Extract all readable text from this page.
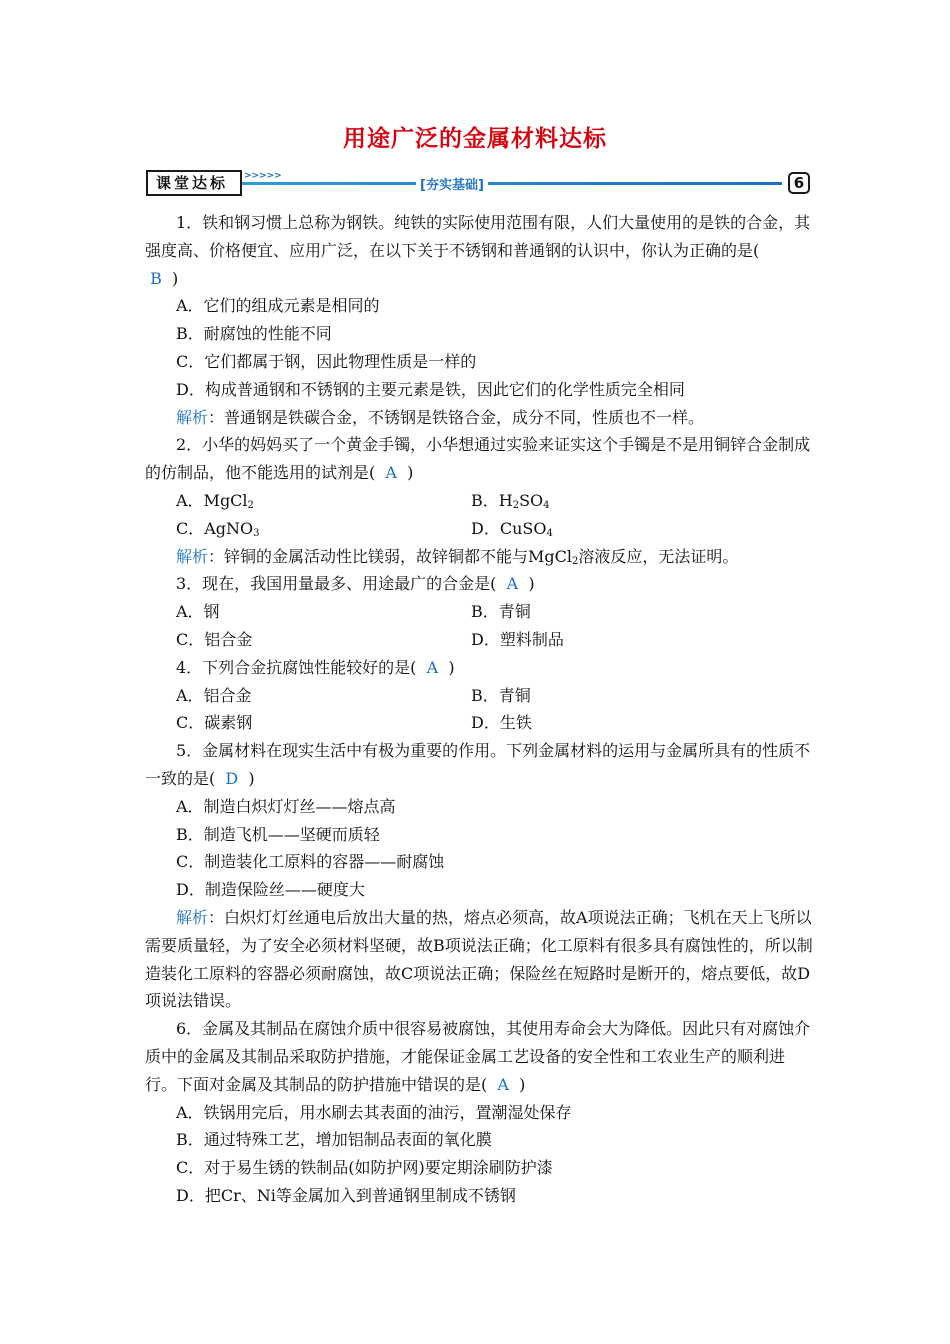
用途广泛的金属材料达标
课堂达标	>>>>>
[夯实基础]	6

1．铁和钢习惯上总称为钢铁。纯铁的实际使用范围有限，人们大量使用的是铁的合金，其强度高、价格便宜、应用广泛，在以下关于不锈钢和普通钢的认识中，你认为正确的是(
B )

A．它们的组成元素是相同的

B．耐腐蚀的性能不同

C．它们都属于钢，因此物理性质是一样的

D．构成普通钢和不锈钢的主要元素是铁，因此它们的化学性质完全相同

解析：普通钢是铁碳合金，不锈钢是铁铬合金，成分不同，性质也不一样。

2．小华的妈妈买了一个黄金手镯，小华想通过实验来证实这个手镯是不是用铜锌合金制成的仿制品，他不能选用的试剂是( A )

A．MgCl$_2$	B．$H_2SO_4$
C．AgNO$_3$	D．CuSO$_4$

解析：锌铜的金属活动性比镁弱，故锌铜都不能与MgCl$_2$溶液反应，无法证明。

3．现在，我国用量最多、用途最广的合金是( A )

A．钢	B．青铜
C．铝合金	D．塑料制品

4．下列合金抗腐蚀性能较好的是( A )

A．铝合金	B．青铜
C．碳素钢	D．生铁

5．金属材料在现实生活中有极为重要的作用。下列金属材料的运用与金属所具有的性质不一致的是( D )

A．制造白炽灯灯丝——熔点高

B．制造飞机——坚硬而质轻

C．制造装化工原料的容器——耐腐蚀

D．制造保险丝——硬度大

解析：白炽灯灯丝通电后放出大量的热，熔点必须高，故A项说法正确；飞机在天上飞所以需要质量轻，为了安全必须材料坚硬，故B项说法正确；化工原料有很多具有腐蚀性的，所以制造装化工原料的容器必须耐腐蚀，故C项说法正确；保险丝在短路时是断开的，熔点要低，故D项说法错误。

6．金属及其制品在腐蚀介质中很容易被腐蚀，其使用寿命会大为降低。因此只有对腐蚀介质中的金属及其制品采取防护措施，才能保证金属工艺设备的安全性和工农业生产的顺利进行。下面对金属及其制品的防护措施中错误的是( A )

A．铁锅用完后，用水刷去其表面的油污，置潮湿处保存

B．通过特殊工艺，增加铝制品表面的氧化膜

C．对于易生锈的铁制品(如防护网)要定期涂刷防护漆

D．把Cr、Ni等金属加入到普通钢里制成不锈钢
